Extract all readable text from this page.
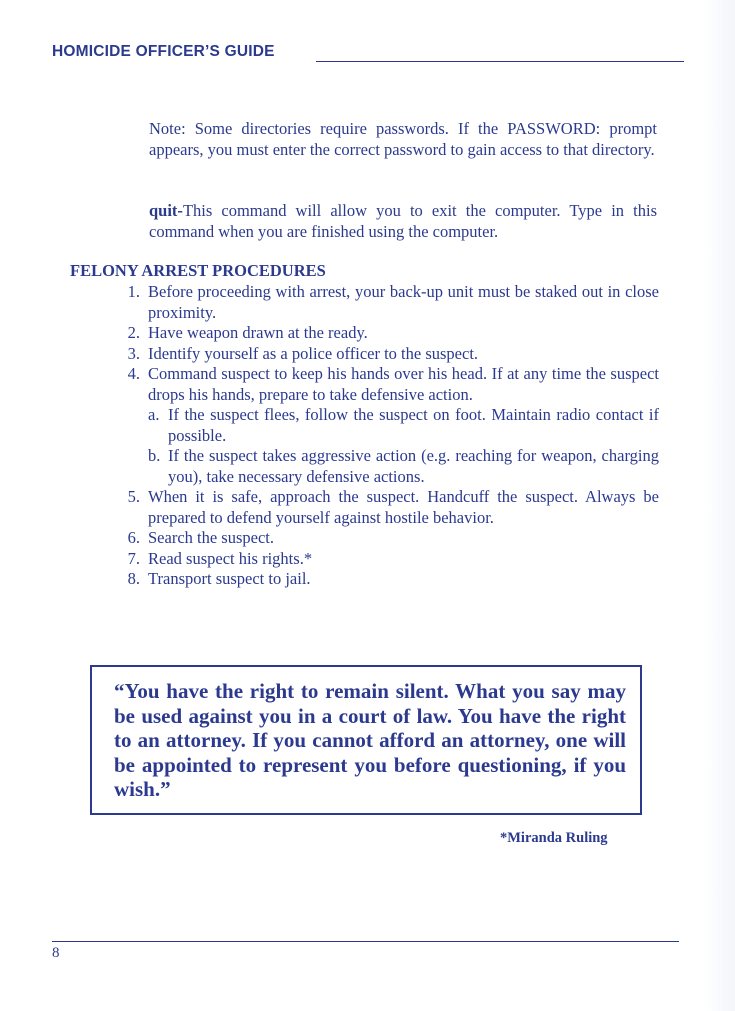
HOMICIDE OFFICER’S GUIDE

Note: Some directories require passwords. If the PASSWORD: prompt appears, you must enter the correct password to gain access to that directory.

quit-This command will allow you to exit the computer. Type in this command when you are finished using the computer.

FELONY ARREST PROCEDURES
1. Before proceeding with arrest, your back-up unit must be staked out in close proximity.
2. Have weapon drawn at the ready.
3. Identify yourself as a police officer to the suspect.
4. Command suspect to keep his hands over his head. If at any time the suspect drops his hands, prepare to take defensive action.
a. If the suspect flees, follow the suspect on foot. Maintain radio contact if possible.
b. If the suspect takes aggressive action (e.g. reaching for weapon, charging you), take necessary defensive actions.
5. When it is safe, approach the suspect. Handcuff the suspect. Always be prepared to defend yourself against hostile behavior.
6. Search the suspect.
7. Read suspect his rights.*
8. Transport suspect to jail.
“You have the right to remain silent. What you say may be used against you in a court of law. You have the right to an attorney. If you cannot afford an attorney, one will be appointed to represent you before questioning, if you wish.”
*Miranda Ruling
8
